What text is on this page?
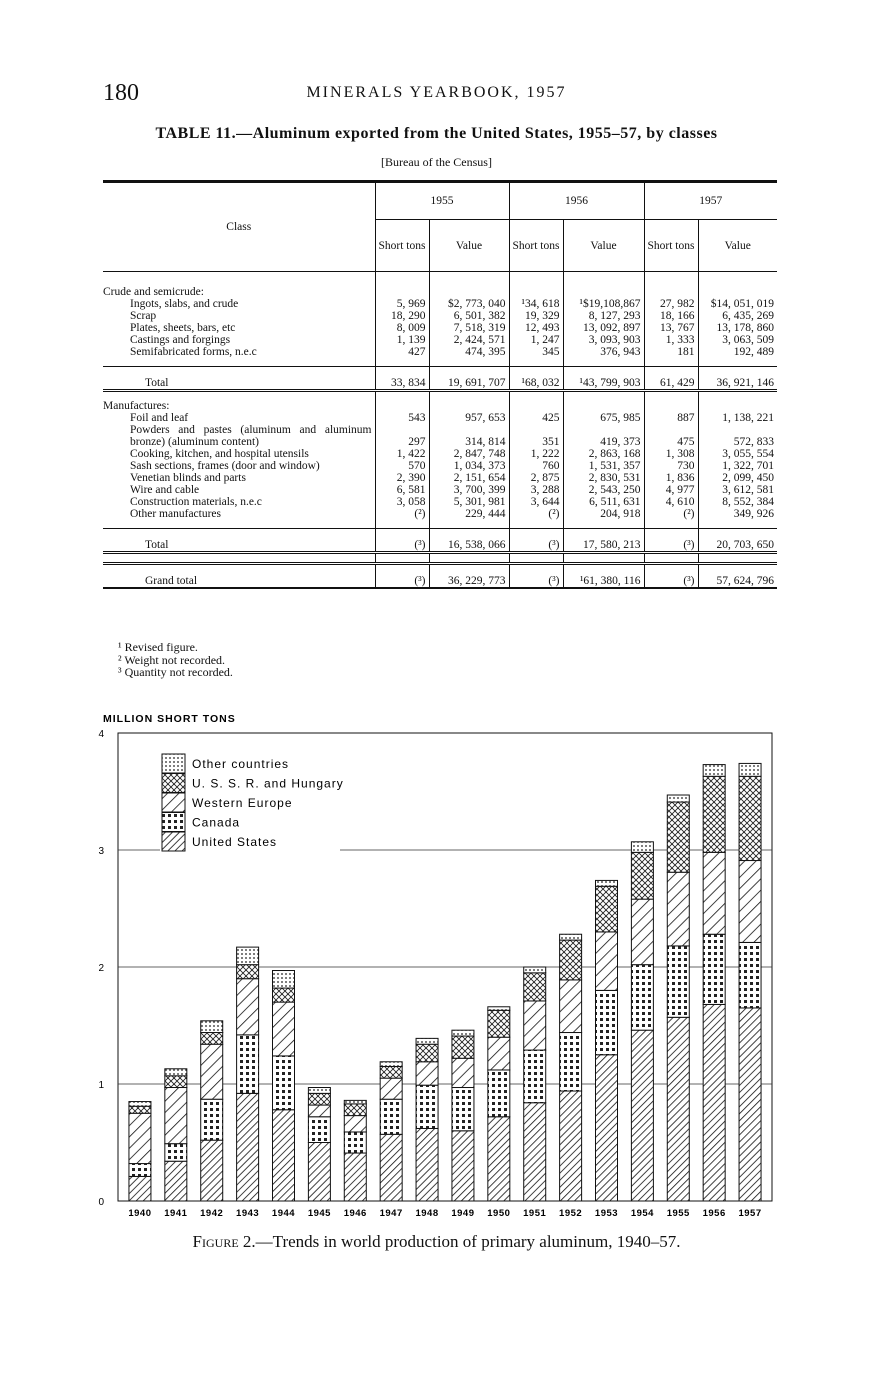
180	MINERALS YEARBOOK, 1957
TABLE 11.—Aluminum exported from the United States, 1955–57, by classes
[Bureau of the Census]
Class	1955		1956		1957	
	Short tons	Value	Short tons	Value	Short tons	Value

Crude and semicrude:						
Ingots, slabs, and crude	5, 969	$2, 773, 040	¹34, 618	¹$19,108,867	27, 982	$14, 051, 019
Scrap	18, 290	6, 501, 382	19, 329	8, 127, 293	18, 166	6, 435, 269
Plates, sheets, bars, etc	8, 009	7, 518, 319	12, 493	13, 092, 897	13, 767	13, 178, 860
Castings and forgings	1, 139	2, 424, 571	1, 247	3, 093, 903	1, 333	3, 063, 509
Semifabricated forms, n.e.c	427	474, 395	345	376, 943	181	192, 489

Total	33, 834	19, 691, 707	¹68, 032	¹43, 799, 903	61, 429	36, 921, 146

Manufactures:						
Foil and leaf	543	957, 653	425	675, 985	887	1, 138, 221
Powders and pastes (aluminum and aluminum bronze) (aluminum content)	297	314, 814	351	419, 373	475	572, 833
Cooking, kitchen, and hospital utensils	1, 422	2, 847, 748	1, 222	2, 863, 168	1, 308	3, 055, 554
Sash sections, frames (door and window)	570	1, 034, 373	760	1, 531, 357	730	1, 322, 701
Venetian blinds and parts	2, 390	2, 151, 654	2, 875	2, 830, 531	1, 836	2, 099, 450
Wire and cable	6, 581	3, 700, 399	3, 288	2, 543, 250	4, 977	3, 612, 581
Construction materials, n.e.c	3, 058	5, 301, 981	3, 644	6, 511, 631	4, 610	8, 552, 384
Other manufactures	(²)	229, 444	(²)	204, 918	(²)	349, 926

Total	(³)	16, 538, 066	(³)	17, 580, 213	(³)	20, 703, 650

Grand total	(³)	36, 229, 773	(³)	¹61, 380, 116	(³)	57, 624, 796
¹ Revised figure.
² Weight not recorded.
³ Quantity not recorded.
0
1
2
3
4
1940 1941 1942 1943 1944 1945 1946 1947 1948 1949 1950 1951 1952 1953 1954 1955 1956 1957
Other countries
U. S. S. R. and Hungary
Western Europe
Canada
United States
MILLION SHORT TONS
Figure 2.—Trends in world production of primary aluminum, 1940–57.
